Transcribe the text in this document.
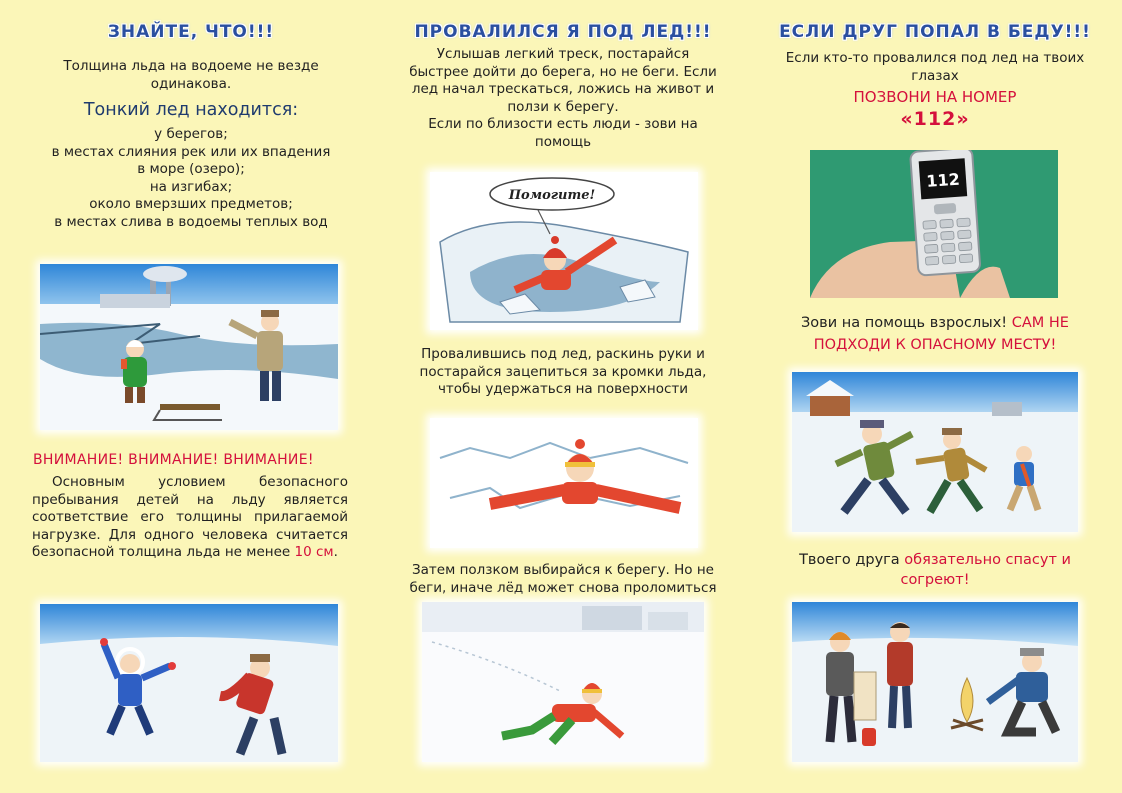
ЗНАЙТЕ, ЧТО!!!
Толщина льда на водоеме не везде одинакова.
Тонкий лед находится:
у берегов;
в местах слияния рек или их впадения
в море (озеро);
на изгибах;
около вмерзших предметов;
в местах слива в водоемы теплых вод
ВНИМАНИЕ! ВНИМАНИЕ! ВНИМАНИЕ!
Основным условием безопасного
пребывания детей на льду является
соответствие его толщины прилагаемой
нагрузке. Для одного человека считается
безопасной толщина льда не менее 10 см.
ПРОВАЛИЛСЯ Я ПОД ЛЕД!!!
Услышав легкий треск, постарайся
быстрее дойти до берега, но не беги. Если
лед начал трескаться, ложись на живот и
ползи к берегу.
Если по близости есть люди - зови на
помощь
Помогите!
Провалившись под лед, раскинь руки и
постарайся зацепиться за кромки льда,
чтобы удержаться на поверхности
Затем ползком выбирайся к берегу. Но не
беги, иначе лёд может снова проломиться
ЕСЛИ ДРУГ ПОПАЛ В БЕДУ!!!
Если кто-то провалился под лед на твоих
глазах
ПОЗВОНИ НА НОМЕР
«112»
112
Зови на помощь взрослых! САМ НЕ
ПОДХОДИ К ОПАСНОМУ МЕСТУ!
Твоего друга обязательно спасут и
согреют!
